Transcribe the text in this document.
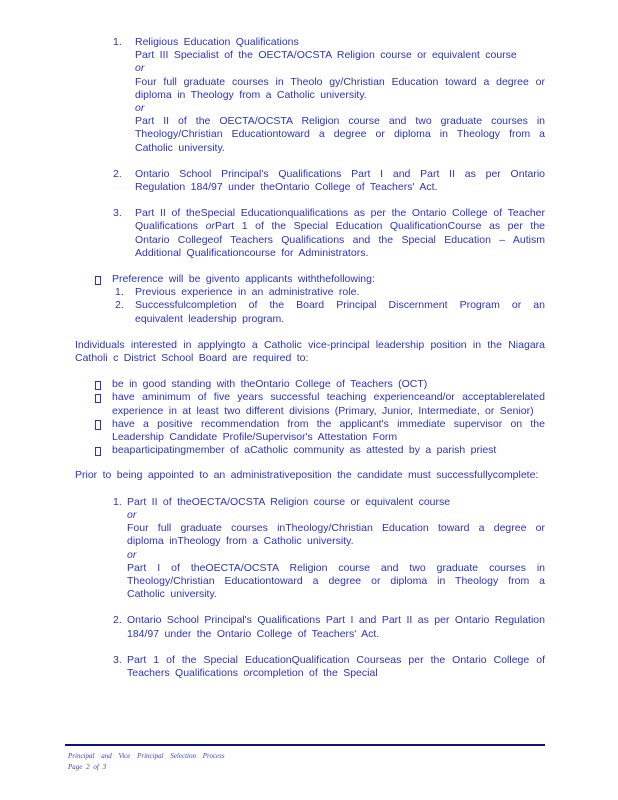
1. Religious Education Qualifications
Part III Specialist of the OECTA/OCSTA Religion course or equivalent course
or
Four full graduate courses in Theolo gy/Christian Education toward a degree or diploma in Theology from a Catholic university.
or
Part II of the OECTA/OCSTA Religion course and two graduate courses in Theology/Christian Educationtoward a degree or diploma in Theology from a Catholic university.
2. Ontario School Principal's Qualifications Part I and Part II as per Ontario Regulation 184/97 under theOntario College of Teachers' Act.
3. Part II of theSpecial Educationqualifications as per the Ontario College of Teacher Qualifications orPart 1 of the Special Education QualificationCourse as per the Ontario Collegeof Teachers Qualifications and the Special Education – Autism Additional Qualificationcourse for Administrators.
Preference will be givento applicants withthefollowing:
1. Previous experience in an administrative role.
2. Successfulcompletion of the Board Principal Discernment Program or an equivalent leadership program.
Individuals interested in applyingto a Catholic vice-principal leadership position in the Niagara Catholi c District School Board are required to:
be in good standing with theOntario College of Teachers (OCT)
have aminimum of five years successful teaching experienceand/or acceptablerelated experience in at least two different divisions (Primary, Junior, Intermediate, or Senior)
have a positive recommendation from the applicant's immediate supervisor on the Leadership Candidate Profile/Supervisor's Attestation Form
beaparticipatingmember of aCatholic community as attested by a parish priest
Prior to being appointed to an administrativeposition the candidate must successfullycomplete:
1. Part II of theOECTA/OCSTA Religion course or equivalent course
or
Four full graduate courses inTheology/Christian Education toward a degree or diploma inTheology from a Catholic university.
or
Part I of theOECTA/OCSTA Religion course and two graduate courses in Theology/Christian Educationtoward a degree or diploma in Theology from a Catholic university.
2. Ontario School Principal's Qualifications Part I and Part II as per Ontario Regulation 184/97 under the Ontario College of Teachers' Act.
3. Part 1 of the Special EducationQualification Courseas per the Ontario College of Teachers Qualifications orcompletion of the Special
Principal and Vice Principal Selection Process
Page 2 of 3
